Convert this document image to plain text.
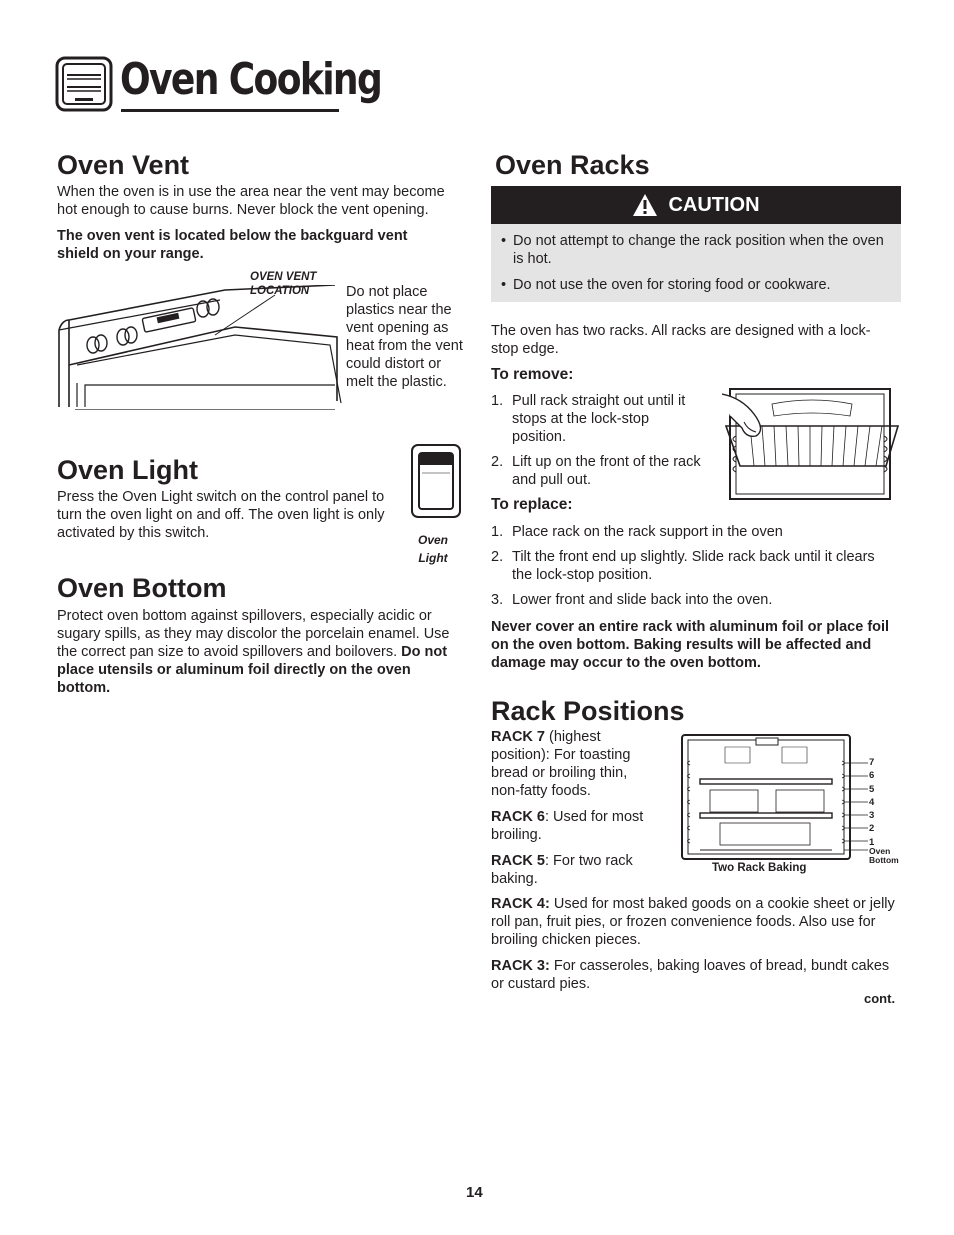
Oven Cooking
Oven Vent

When the oven is in use the area near the vent may become hot enough to cause burns. Never block the vent opening.

The oven vent is located below the backguard vent shield on your range.

OVEN VENT
LOCATION	Do not place plastics near the vent opening as heat from the vent could distort or melt the plastic.

Oven Light

Press the Oven Light switch on the control panel to turn the oven light on and off. The oven light is only activated by this switch.	Oven
Light
Oven Bottom

Protect oven bottom against spillovers, especially acidic or sugary spills, as they may discolor the porcelain enamel. Use the correct pan size to avoid spillovers and boilovers. Do not place utensils or aluminum foil directly on the oven bottom.

Oven Racks
CAUTION
• Do not attempt to change the rack position when the oven is hot.
• Do not use the oven for storing food or cookware.

The oven has two racks. All racks are designed with a lock-stop edge.

To remove:
1. Pull rack straight out until it stops at the lock-stop position.
2. Lift up on the front of the rack and pull out.
To replace:
1. Place rack on the rack support in the oven
2. Tilt the front end up slightly. Slide rack back until it clears the lock-stop position.
3. Lower front and slide back into the oven.

Never cover an entire rack with aluminum foil or place foil on the oven bottom. Baking results will be affected and damage may occur to the oven bottom.

Rack Positions

RACK 7 (highest position): For toasting bread or broiling thin, non-fatty foods.

RACK 6: Used for most broiling.

RACK 5: For two rack baking.

7
6
5
4
3
2
1
Oven
Bottom
Two Rack Baking

RACK 4: Used for most baked goods on a cookie sheet or jelly roll pan, fruit pies, or frozen convenience foods. Also use for broiling chicken pieces.

RACK 3: For casseroles, baking loaves of bread, bundt cakes or custard pies.

cont.
14
